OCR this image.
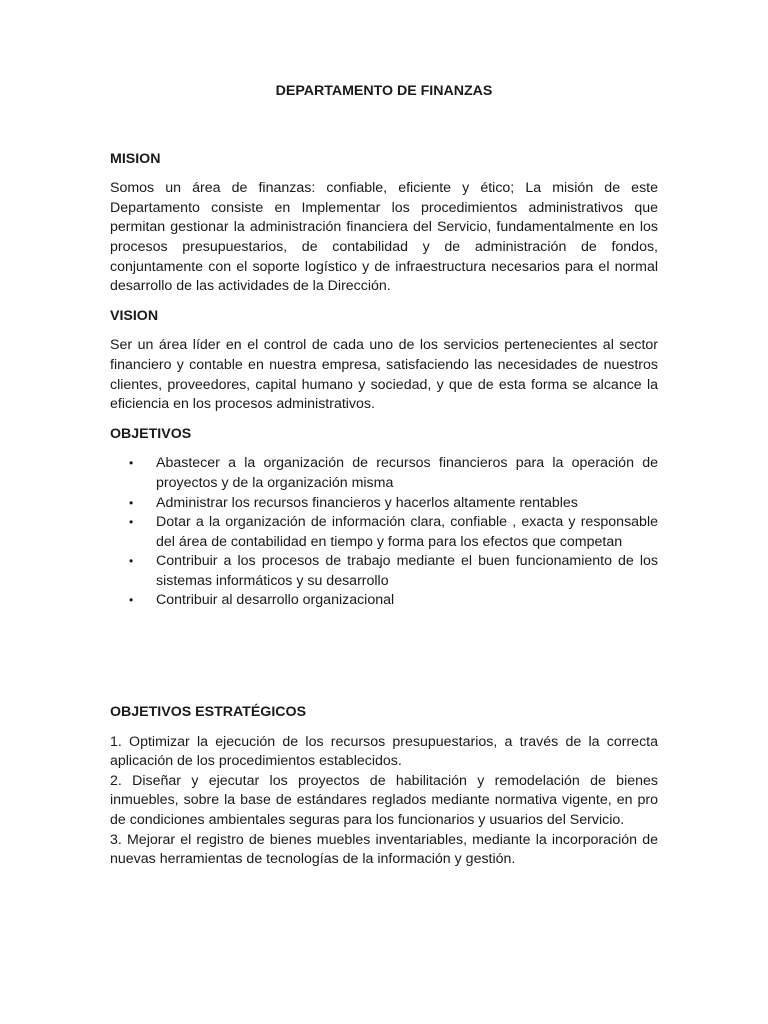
DEPARTAMENTO DE FINANZAS
MISION

Somos un área de finanzas: confiable, eficiente y ético; La misión de este Departamento consiste en Implementar los procedimientos administrativos que permitan gestionar la administración financiera del Servicio, fundamentalmente en los procesos presupuestarios, de contabilidad y de administración de fondos, conjuntamente con el soporte logístico y de infraestructura necesarios para el normal desarrollo de las actividades de la Dirección.

VISION

Ser un área líder en el control de cada uno de los servicios pertenecientes al sector financiero y contable en nuestra empresa, satisfaciendo las necesidades de nuestros clientes, proveedores, capital humano y sociedad, y que de esta forma se alcance la eficiencia en los procesos administrativos.

OBJETIVOS
• Abastecer a la organización de recursos financieros para la operación de proyectos y de la organización misma
• Administrar los recursos financieros y hacerlos altamente rentables
• Dotar a la organización de información clara, confiable , exacta y responsable del área de contabilidad en tiempo y forma para los efectos que competan
• Contribuir a los procesos de trabajo mediante el buen funcionamiento de los sistemas informáticos y su desarrollo
• Contribuir al desarrollo organizacional
OBJETIVOS ESTRATÉGICOS

1. Optimizar la ejecución de los recursos presupuestarios, a través de la correcta aplicación de los procedimientos establecidos.

2. Diseñar y ejecutar los proyectos de habilitación y remodelación de bienes inmuebles, sobre la base de estándares reglados mediante normativa vigente, en pro de condiciones ambientales seguras para los funcionarios y usuarios del Servicio.

3. Mejorar el registro de bienes muebles inventariables, mediante la incorporación de nuevas herramientas de tecnologías de la información y gestión.
